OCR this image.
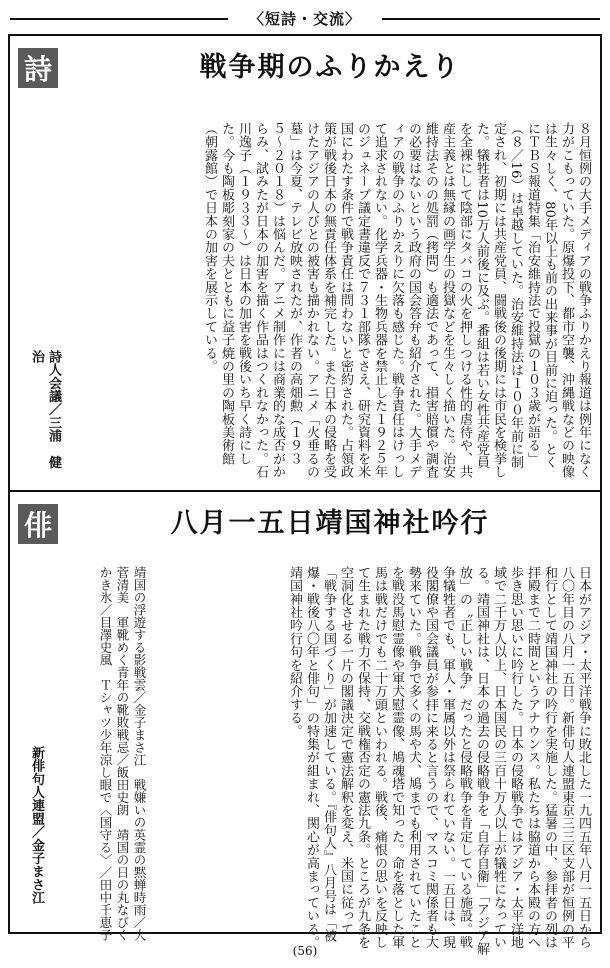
〈短詩・交流〉
詩	戦争期のふりかえり
８月恒例の大手メディアの戦争ふりかえり報道は例年になく力がこもっていた。原爆投下、都市空襲、沖縄戦などの映像は生々しく、80年以上も前の出来事が目前に迫った。とくにＴＢＳ報道特集「治安維持法で投獄の１０３歳が語る」（８／16）は卓越していた。治安維持法は１００年前に制定され、初期には共産党員、闘戦後の後期には市民を検挙した。犠牲者は10万人前後に及ぶ。番組は若い女性共産党員を全裸にして陰部にタバコの火を押しつける性的虐待や、共産主義とは無縁の画学生の投獄などを生々しく描いた。治安維持法そのの処罰（拷問）も適法であって、損害賠償や調査の必要はないという政府の国会答弁も紹介された。大手メディアの戦争のふりかえりに欠落も感じた。戦争責任はけっして追求されない。化学兵器・生物兵器を禁止した１９２５年のジュネーブ議定書違反で７３１部隊でさえ、研究資料を米国にわたす条件で戦争責任は問わないと密約された。占領政策が戦後日本の無責任体系を補完した。また日本の侵略を受けたアジアの人びとの被害も描かれない。アニメ「火垂るの墓」は今夏、テレビ放映されたが、作者の高畑勲（１９３５〜２０１８）は悩んだ。アニメ制作には商業的な成否がからみ、試みたが日本の加害を描く作品はつくれなかった。石川逸子（１９３３〜）は日本の加害を戦後いち早く詩にした。今も陶板彫刻家の夫とともに益子焼の里の陶板美術館（朝露館）で日本の加害を展示している。
詩人会議／三浦　健治
俳	八月一五日靖国神社吟行
日本がアジア・太平洋戦争に敗北した一九四五年八月一五日から八〇年目の八月一五日。新俳句人連盟東京三三区支部が恒例の平和行として靖国神社の吟行を実施した。猛暑の中、参拝者の列は拝殿まで二時間というアナウンス。私たちは脇道から本殿の方へ歩き思い思いに吟行した。日本の侵略戦争ではアジア・太平洋地域で二千万人以上、日本国民の三百十万人以上が犠牲になっている。靖国神社は、日本の過去の侵略戦争を「自存自衛」「アジア解放」の〝正しい戦争〟だったと侵略戦争を肯定している施設。戦争犠牲者でも、軍人・軍属以外は祭られていない。一五日は、現役閣僚や国会議員が参拝に来ると言うので、マスコミ関係者も大勢来ていた。戦争で多くの馬や犬、鳩までも利用されていたことを戦没馬慰霊像や軍犬慰霊像、鳩魂塔で知った。命を落とした軍馬は戦だけでも二十万頭といわれる。戦後、痛恨の思いを反映して生まれた戦力不保持、交戦権否定の憲法九条。ところが九条を空洞化させる一片の閣議決定で憲法解釈を変え、米国に従って「戦争する国づくり」が加速している。『俳句人』八月号は「被爆・戦後八〇年と俳句」の特集が組まれ、関心が高まっている。靖国神社吟行句を紹介する。
靖国の浮遊する影戦雲／金子まさ江　戦嫌いの英霊の黙蝉時雨／大菅清美　軍靴めく青年の靴敗戦忌／飯田史朗　靖国の日の丸なびくかき氷／目澤史風　Ｔシャツ少年涼し眼で〈国守る〉／田中千恵子
新俳句人連盟／金子まさ江
(56)
